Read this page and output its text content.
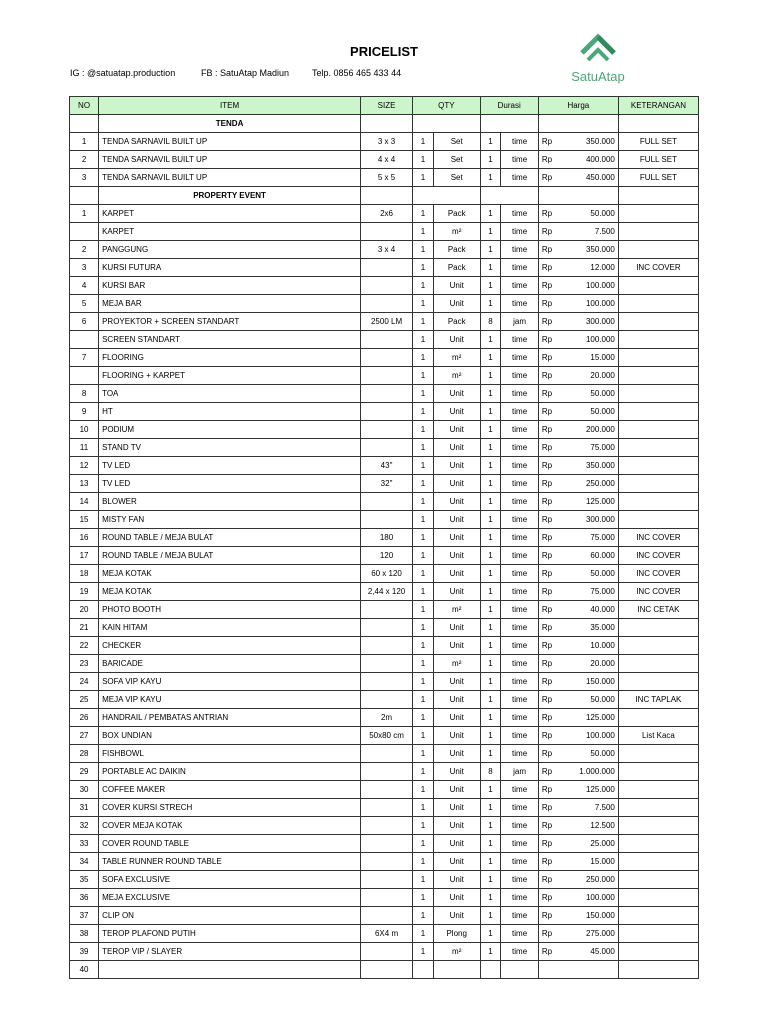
PRICELIST
IG : @satuatap.production	FB : SatuAtap Madiun	Telp. 0856 465 433 44	SatuAtap
NO	ITEM	SIZE	QTY		Durasi		Harga		KETERANGAN
	TENDA								
1	TENDA SARNAVIL BUILT UP	3 x 3	1	Set	1	time	Rp	350.000	FULL SET
2	TENDA SARNAVIL BUILT UP	4 x 4	1	Set	1	time	Rp	400.000	FULL SET
3	TENDA SARNAVIL BUILT UP	5 x 5	1	Set	1	time	Rp	450.000	FULL SET
	PROPERTY EVENT								
1	KARPET	2x6	1	Pack	1	time	Rp	50.000	
	KARPET		1	m²	1	time	Rp	7.500	
2	PANGGUNG	3 x 4	1	Pack	1	time	Rp	350.000	
3	KURSI FUTURA		1	Pack	1	time	Rp	12.000	INC COVER
4	KURSI BAR		1	Unit	1	time	Rp	100.000	
5	MEJA BAR		1	Unit	1	time	Rp	100.000	
6	PROYEKTOR + SCREEN STANDART	2500 LM	1	Pack	8	jam	Rp	300.000	
	SCREEN STANDART		1	Unit	1	time	Rp	100.000	
7	FLOORING		1	m²	1	time	Rp	15.000	
	FLOORING + KARPET		1	m²	1	time	Rp	20.000	
8	TOA		1	Unit	1	time	Rp	50.000	
9	HT		1	Unit	1	time	Rp	50.000	
10	PODIUM		1	Unit	1	time	Rp	200.000	
11	STAND TV		1	Unit	1	time	Rp	75.000	
12	TV LED	43"	1	Unit	1	time	Rp	350.000	
13	TV LED	32"	1	Unit	1	time	Rp	250.000	
14	BLOWER		1	Unit	1	time	Rp	125.000	
15	MISTY FAN		1	Unit	1	time	Rp	300.000	
16	ROUND TABLE / MEJA BULAT	180	1	Unit	1	time	Rp	75.000	INC COVER
17	ROUND TABLE / MEJA BULAT	120	1	Unit	1	time	Rp	60.000	INC COVER
18	MEJA KOTAK	60 x 120	1	Unit	1	time	Rp	50.000	INC COVER
19	MEJA KOTAK	2,44 x 120	1	Unit	1	time	Rp	75.000	INC COVER
20	PHOTO BOOTH		1	m²	1	time	Rp	40.000	INC CETAK
21	KAIN HITAM		1	Unit	1	time	Rp	35.000	
22	CHECKER		1	Unit	1	time	Rp	10.000	
23	BARICADE		1	m²	1	time	Rp	20.000	
24	SOFA VIP KAYU		1	Unit	1	time	Rp	150.000	
25	MEJA VIP KAYU		1	Unit	1	time	Rp	50.000	INC TAPLAK
26	HANDRAIL / PEMBATAS ANTRIAN	2m	1	Unit	1	time	Rp	125.000	
27	BOX UNDIAN	50x80 cm	1	Unit	1	time	Rp	100.000	List Kaca
28	FISHBOWL		1	Unit	1	time	Rp	50.000	
29	PORTABLE AC DAIKIN		1	Unit	8	jam	Rp	1.000.000	
30	COFFEE MAKER		1	Unit	1	time	Rp	125.000	
31	COVER KURSI STRECH		1	Unit	1	time	Rp	7.500	
32	COVER MEJA KOTAK		1	Unit	1	time	Rp	12.500	
33	COVER ROUND TABLE		1	Unit	1	time	Rp	25.000	
34	TABLE RUNNER ROUND TABLE		1	Unit	1	time	Rp	15.000	
35	SOFA EXCLUSIVE		1	Unit	1	time	Rp	250.000	
36	MEJA EXCLUSIVE		1	Unit	1	time	Rp	100.000	
37	CLIP ON		1	Unit	1	time	Rp	150.000	
38	TEROP PLAFOND PUTIH	6X4 m	1	Plong	1	time	Rp	275.000	
39	TEROP VIP / SLAYER		1	m²	1	time	Rp	45.000	
40									
